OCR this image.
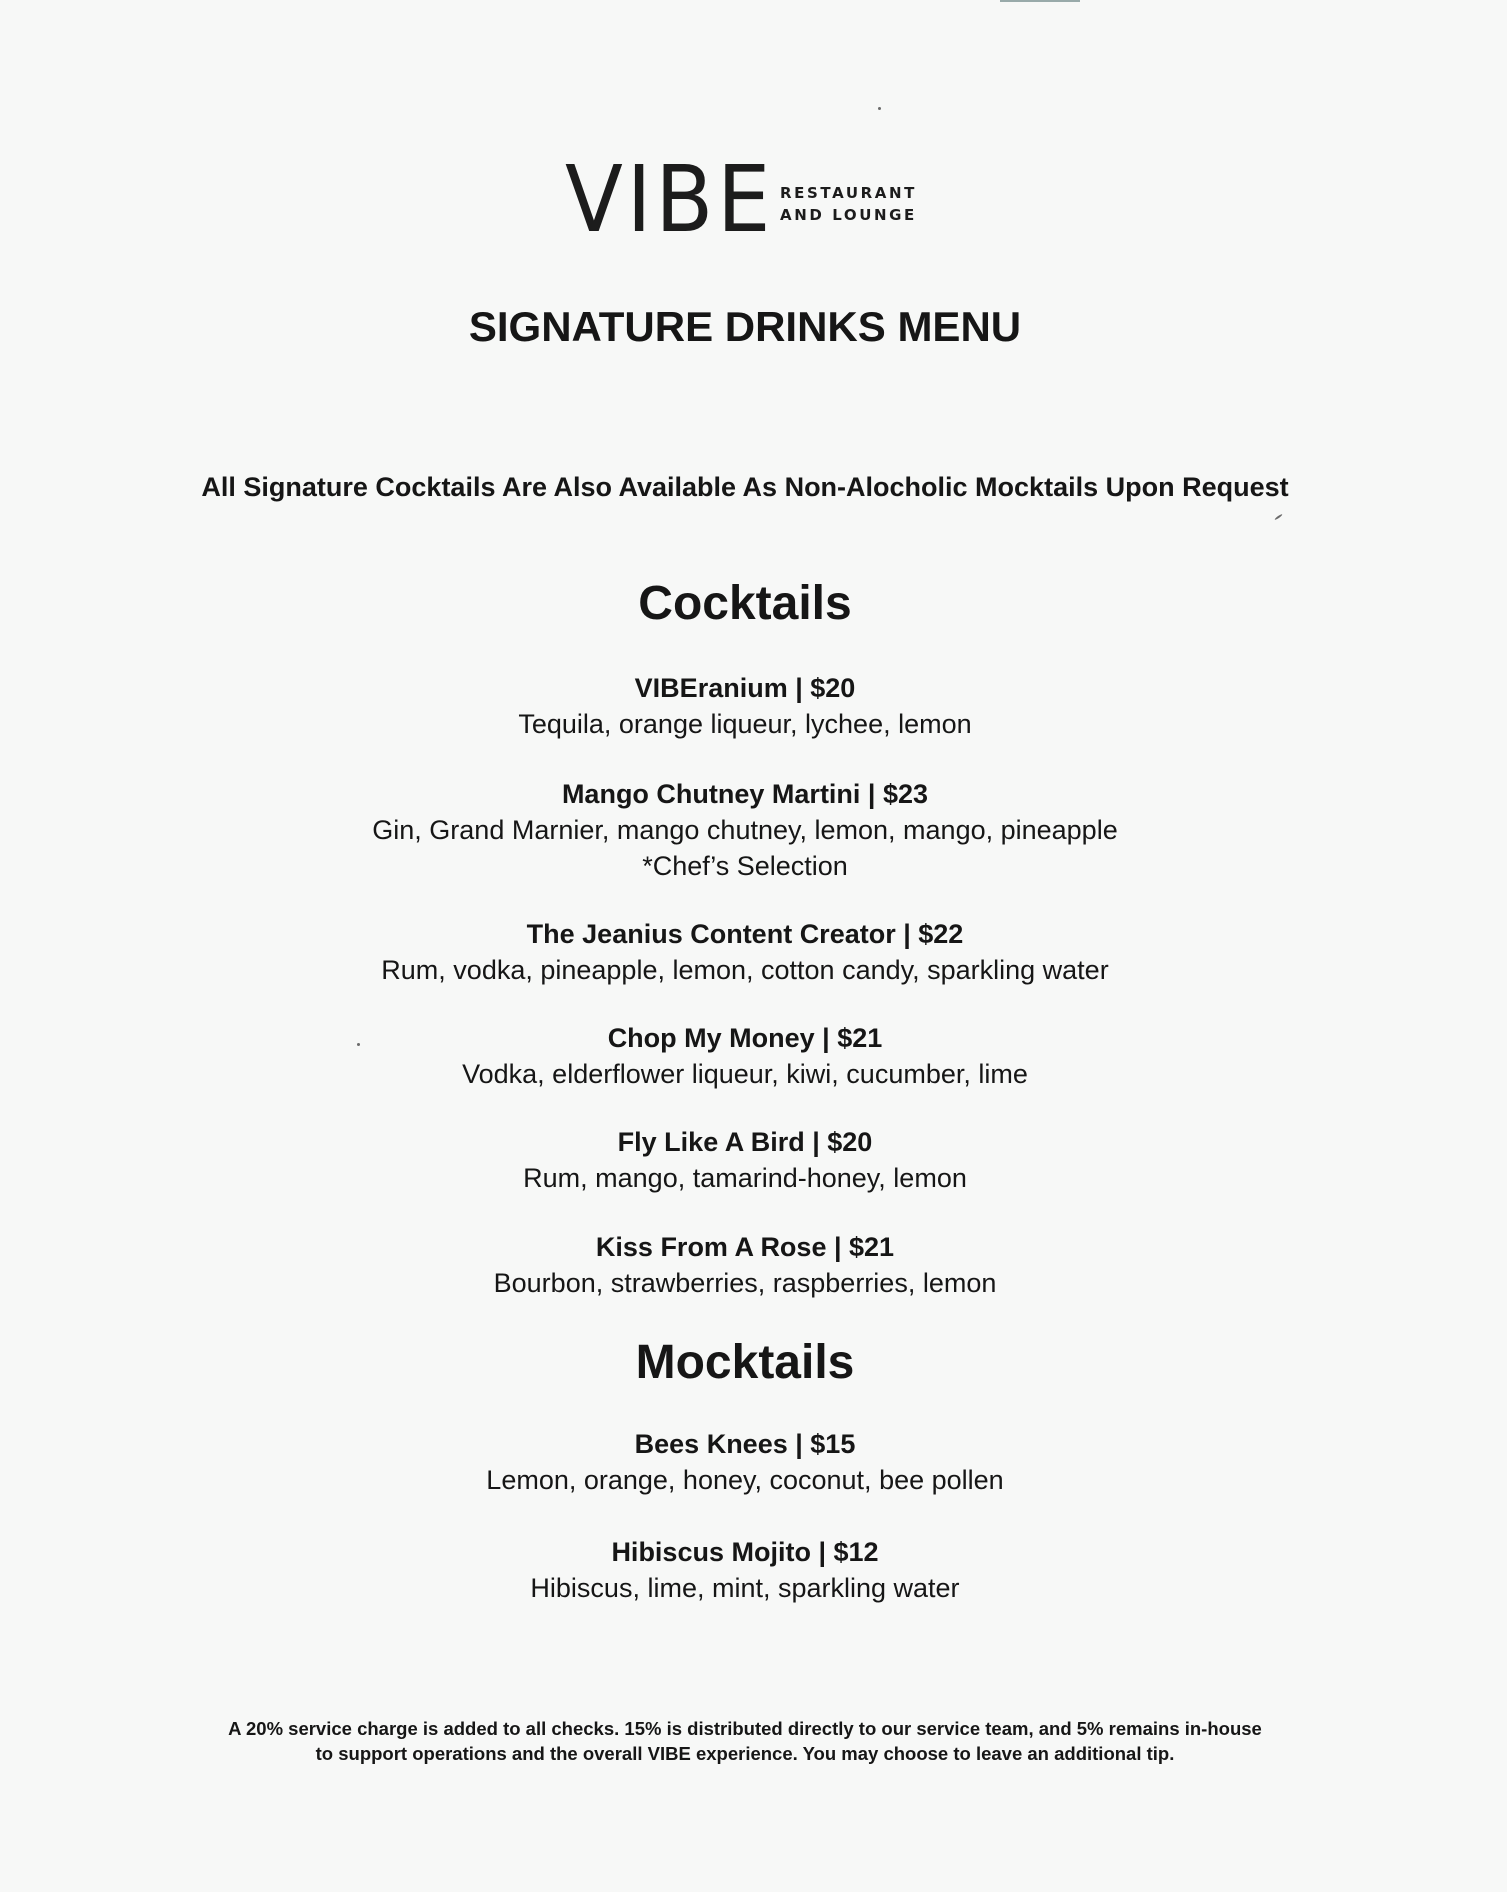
VIBE RESTAURANT
AND LOUNGE
SIGNATURE DRINKS MENU
All Signature Cocktails Are Also Available As Non-Alocholic Mocktails Upon Request
Cocktails
VIBEranium | $20
Tequila, orange liqueur, lychee, lemon
Mango Chutney Martini | $23
Gin, Grand Marnier, mango chutney, lemon, mango, pineapple
*Chef’s Selection
The Jeanius Content Creator | $22
Rum, vodka, pineapple, lemon, cotton candy, sparkling water
Chop My Money | $21
Vodka, elderflower liqueur, kiwi, cucumber, lime
Fly Like A Bird | $20
Rum, mango, tamarind-honey, lemon
Kiss From A Rose | $21
Bourbon, strawberries, raspberries, lemon
Mocktails
Bees Knees | $15
Lemon, orange, honey, coconut, bee pollen
Hibiscus Mojito | $12
Hibiscus, lime, mint, sparkling water
A 20% service charge is added to all checks. 15% is distributed directly to our service team, and 5% remains in-house
to support operations and the overall VIBE experience. You may choose to leave an additional tip.
